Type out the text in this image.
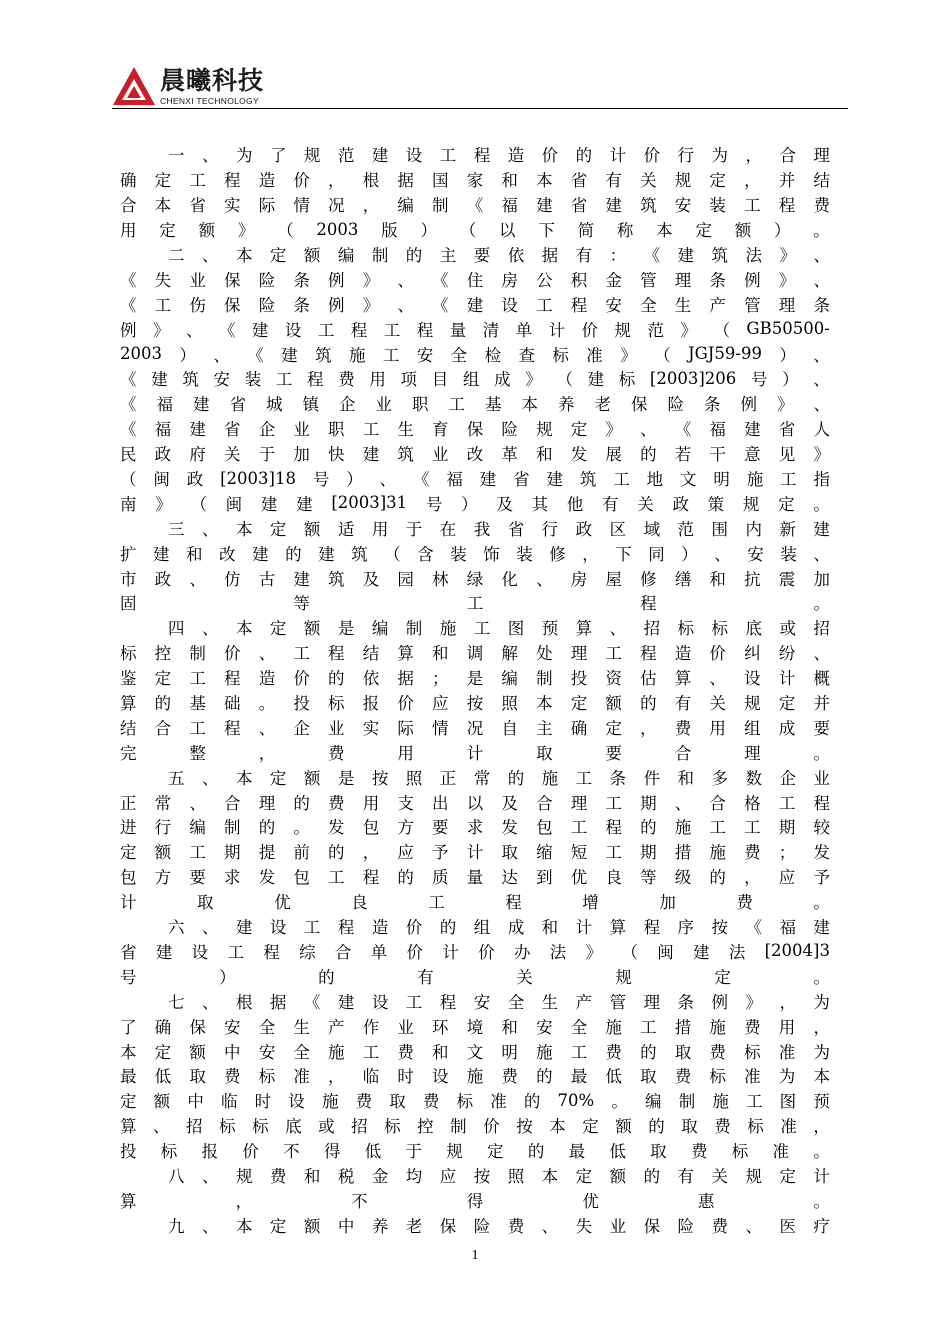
晨曦科技
CHENXI TECHNOLOGY
一 、 为 了 规 范 建 设 工 程 造 价 的 计 价 行 为 ， 合 理
确 定 工 程 造 价 ， 根 据 国 家 和 本 省 有 关 规 定 ， 并 结
合 本 省 实 际 情 况 ， 编 制 《 福 建 省 建 筑 安 装 工 程 费
用 定 额 》 （ 2003 版 ） （ 以 下 简 称 本 定 额 ） 。
二 、 本 定 额 编 制 的 主 要 依 据 有 ： 《 建 筑 法 》 、
《 失 业 保 险 条 例 》 、 《 住 房 公 积 金 管 理 条 例 》 、
《 工 伤 保 险 条 例 》 、 《 建 设 工 程 安 全 生 产 管 理 条
例 》 、 《 建 设 工 程 工 程 量 清 单 计 价 规 范 》 （ GB50500-
2003 ） 、 《 建 筑 施 工 安 全 检 查 标 准 》 （ JGJ59-99 ） 、
《 建 筑 安 装 工 程 费 用 项 目 组 成 》 （ 建 标 [2003]206 号 ） 、
《 福 建 省 城 镇 企 业 职 工 基 本 养 老 保 险 条 例 》 、
《 福 建 省 企 业 职 工 生 育 保 险 规 定 》 、 《 福 建 省 人
民 政 府 关 于 加 快 建 筑 业 改 革 和 发 展 的 若 干 意 见 》
（ 闽 政 [2003]18 号 ） 、 《 福 建 省 建 筑 工 地 文 明 施 工 指
南 》 （ 闽 建 建 [2003]31 号 ） 及 其 他 有 关 政 策 规 定 。
三 、 本 定 额 适 用 于 在 我 省 行 政 区 域 范 围 内 新 建
扩 建 和 改 建 的 建 筑 （ 含 装 饰 装 修 ， 下 同 ） 、 安 装 、
市 政 、 仿 古 建 筑 及 园 林 绿 化 、 房 屋 修 缮 和 抗 震 加
固	等	工	程	。
四 、 本 定 额 是 编 制 施 工 图 预 算 、 招 标 标 底 或 招
标 控 制 价 、 工 程 结 算 和 调 解 处 理 工 程 造 价 纠 纷 、
鉴 定 工 程 造 价 的 依 据 ； 是 编 制 投 资 估 算 、 设 计 概
算 的 基 础 。 投 标 报 价 应 按 照 本 定 额 的 有 关 规 定 并
结 合 工 程 、 企 业 实 际 情 况 自 主 确 定 ， 费 用 组 成 要
完	整	，	费	用	计	取	要	合	理	。
五 、 本 定 额 是 按 照 正 常 的 施 工 条 件 和 多 数 企 业
正 常 、 合 理 的 费 用 支 出 以 及 合 理 工 期 、 合 格 工 程
进 行 编 制 的 。 发 包 方 要 求 发 包 工 程 的 施 工 工 期 较
定 额 工 期 提 前 的 ， 应 予 计 取 缩 短 工 期 措 施 费 ； 发
包 方 要 求 发 包 工 程 的 质 量 达 到 优 良 等 级 的 ， 应 予
计	取	优	良	工	程	增	加	费	。
六 、 建 设 工 程 造 价 的 组 成 和 计 算 程 序 按 《 福 建
省 建 设 工 程 综 合 单 价 计 价 办 法 》 （ 闽 建 法 [2004]3
号	）	的	有	关	规	定	。
七 、 根 据 《 建 设 工 程 安 全 生 产 管 理 条 例 》 ， 为
了 确 保 安 全 生 产 作 业 环 境 和 安 全 施 工 措 施 费 用 ，
本 定 额 中 安 全 施 工 费 和 文 明 施 工 费 的 取 费 标 准 为
最 低 取 费 标 准 ， 临 时 设 施 费 的 最 低 取 费 标 准 为 本
定 额 中 临 时 设 施 费 取 费 标 准 的 70% 。 编 制 施 工 图 预
算 、 招 标 标 底 或 招 标 控 制 价 按 本 定 额 的 取 费 标 准 ，
投 标 报 价 不 得 低 于 规 定 的 最 低 取 费 标 准 。
八 、 规 费 和 税 金 均 应 按 照 本 定 额 的 有 关 规 定 计
算	，	不	得	优	惠	。
九 、 本 定 额 中 养 老 保 险 费 、 失 业 保 险 费 、 医 疗
1
